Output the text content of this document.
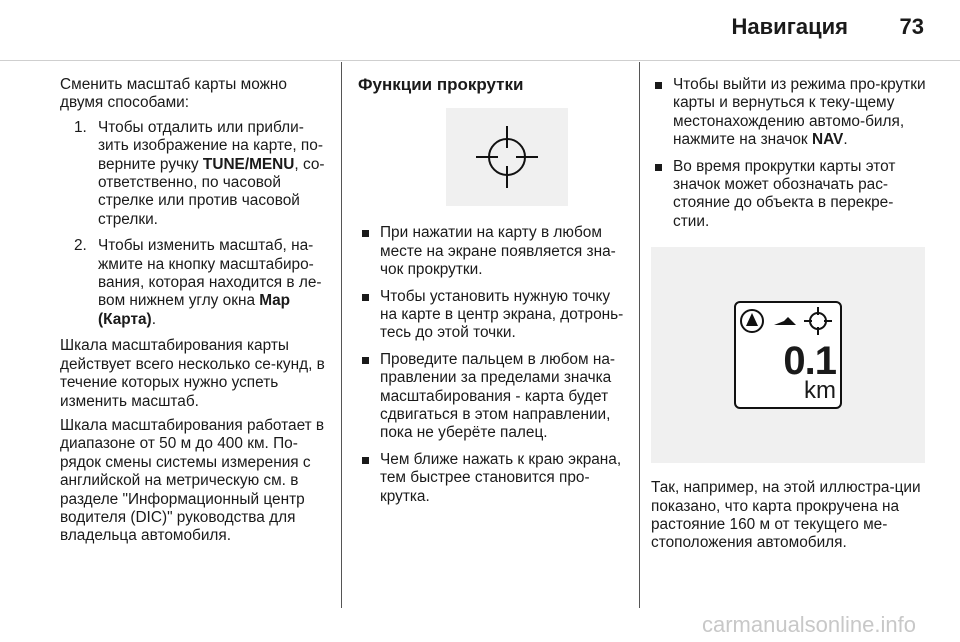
Навигация 73

Сменить масштаб карты можно двумя способами:

1. Чтобы отдалить или прибли-зить изображение на карте, по-верните ручку TUNE/MENU, со-ответственно, по часовой стрелке или против часовой стрелки.
2. Чтобы изменить масштаб, на-жмите на кнопку масштабиро-вания, которая находится в ле-вом нижнем углу окна Map (Карта).

Шкала масштабирования карты действует всего несколько се-кунд, в течение которых нужно успеть изменить масштаб.

Шкала масштабирования работает в диапазоне от 50 м до 400 км. По-рядок смены системы измерения с английской на метрическую см. в разделе "Информационный центр водителя (DIC)" руководства для владельца автомобиля.

Функции прокрутки
При нажатии на карту в любом месте на экране появляется зна-чок прокрутки.
Чтобы установить нужную точку на карте в центр экрана, дотронь-тесь до этой точки.
Проведите пальцем в любом на-правлении за пределами значка масштабирования - карта будет сдвигаться в этом направлении, пока не уберёте палец.
Чем ближе нажать к краю экрана, тем быстрее становится про-крутка.
Чтобы выйти из режима про-крутки карты и вернуться к теку-щему местонахождению автомо-биля, нажмите на значок NAV.
Во время прокрутки карты этот значок может обозначать рас-стояние до объекта в перекре-стии.
0.1
km

Так, например, на этой иллюстра-ции показано, что карта прокручена на растояние 160 м от текущего ме-стоположения автомобиля.

carmanualsonline.info
